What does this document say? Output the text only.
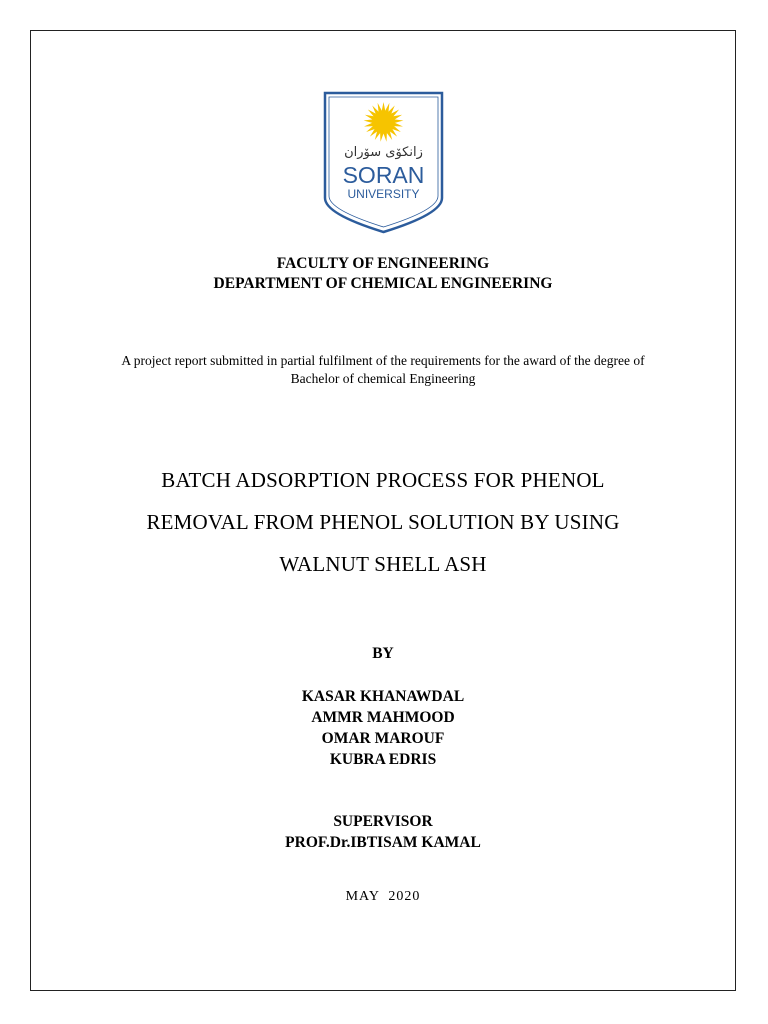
زانکۆی سۆران
SORAN
UNIVERSITY
FACULTY OF ENGINEERING
DEPARTMENT OF CHEMICAL ENGINEERING
A project report submitted in partial fulfilment of the requirements for the award of the degree of
Bachelor of chemical Engineering
BATCH ADSORPTION PROCESS FOR PHENOL
REMOVAL FROM PHENOL SOLUTION BY USING
WALNUT SHELL ASH
BY
KASAR KHANAWDAL
AMMR MAHMOOD
OMAR MAROUF
KUBRA EDRIS
SUPERVISOR
PROF.Dr.IBTISAM KAMAL
MAY  2020
